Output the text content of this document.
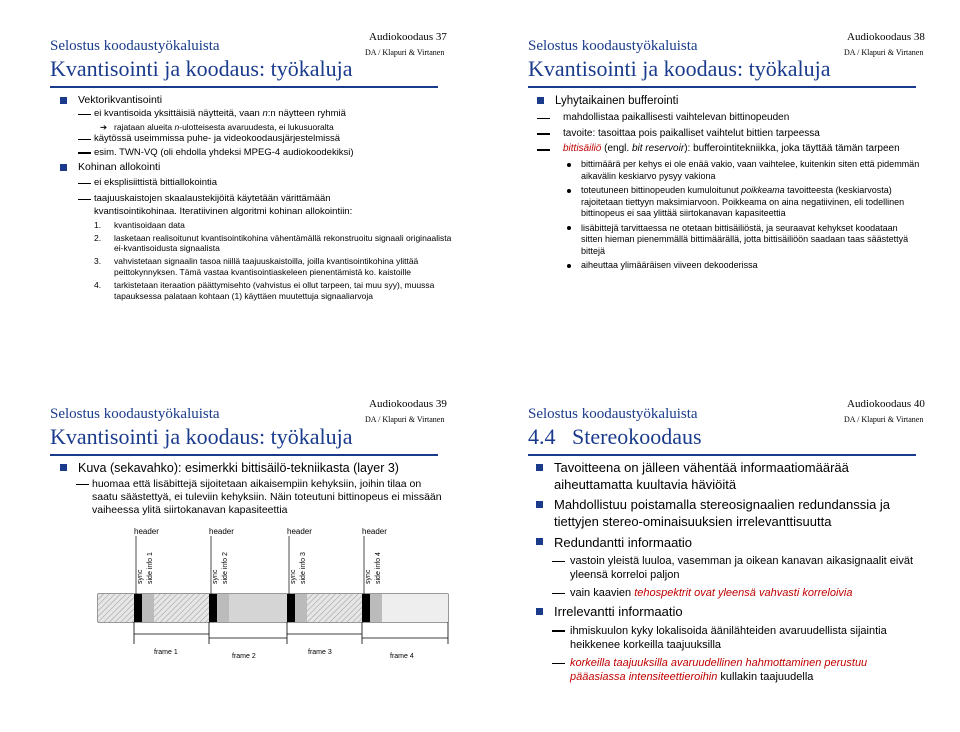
Selostus koodaustyökaluista
Kvantisointi ja koodaus: työkaluja
Audiokoodaus 37
DA / Klapuri & Virtanen
Vektorikvantisointi
ei kvantisoida yksittäisiä näytteitä, vaan n:n näytteen ryhmiä
➔ rajataan alueita n-ulotteisesta avaruudesta, ei lukusuoralta
käytössä useimmissa puhe- ja videokoodausjärjestelmissä
esim. TWN-VQ (oli ehdolla yhdeksi MPEG-4 audiokoodekiksi)
Kohinan allokointi
ei eksplisiittistä bittiallokointia
taajuuskaistojen skaalaustekijöitä käytetään värittämään
kvantisointikohinaa. Iteratiivinen algoritmi kohinan allokointiin:
1. kvantisoidaan data
2. lasketaan realisoitunut kvantisointikohina vähentämällä rekonstruoitu signaali originaalista ei-kvantisoidusta signaalista
3. vahvistetaan signaalin tasoa niillä taajuuskaistoilla, joilla kvantisointikohina ylittää peittokynnyksen. Tämä vastaa kvantisointiaskeleen pienentämistä ko. kaistoille
4. tarkistetaan iteraation päättymisehto (vahvistus ei ollut tarpeen, tai muu syy), muussa tapauksessa palataan kohtaan (1) käyttäen muutettuja signaaliarvoja
Selostus koodaustyökaluista
Kvantisointi ja koodaus: työkaluja
Audiokoodaus 38
DA / Klapuri & Virtanen
Lyhytaikainen bufferointi
mahdollistaa paikallisesti vaihtelevan bittinopeuden
tavoite: tasoittaa pois paikalliset vaihtelut bittien tarpeessa
bittisäiliö (engl. bit reservoir): bufferointitekniikka, joka täyttää tämän tarpeen
bittimäärä per kehys ei ole enää vakio, vaan vaihtelee, kuitenkin siten että pidemmän aikavälin keskiarvo pysyy vakiona
toteutuneen bittinopeuden kumuloitunut poikkeama tavoitteesta (keskiarvosta) rajoitetaan tiettyyn maksimiarvoon. Poikkeama on aina negatiivinen, eli todellinen bittinopeus ei saa ylittää siirtokanavan kapasiteettia
lisäbittejä tarvittaessa ne otetaan bittisäiliöstä, ja seuraavat kehykset koodataan sitten hieman pienemmällä bittimäärällä, jotta bittisäiliöön saadaan taas säästettyä bittejä
aiheuttaa ylimääräisen viiveen dekooderissa
Selostus koodaustyökaluista
Kvantisointi ja koodaus: työkaluja
Audiokoodaus 39
DA / Klapuri & Virtanen
Kuva (sekavahko): esimerkki bittisäilö-tekniikasta (layer 3)
huomaa että lisäbittejä sijoitetaan aikaisempiin kehyksiin, joihin tilaa on saatu säästettyä, ei tuleviin kehyksiin. Näin toteutuni bittinopeus ei missään vaiheessa ylitä siirtokanavan kapasiteettia
header	header	header	header
sync side info 1	sync side info 2	sync side info 3	sync side info 4
frame 1
frame 2
frame 3
frame 4
Selostus koodaustyökaluista
4.4   Stereokoodaus
Audiokoodaus 40
DA / Klapuri & Virtanen
Tavoitteena on jälleen vähentää informaatiomäärää aiheuttamatta kuultavia häviöitä
Mahdollistuu poistamalla stereosignaalien redundanssia ja tiettyjen stereo-ominaisuuksien irrelevanttisuutta
Redundantti informaatio
vastoin yleistä luuloa, vasemman ja oikean kanavan aikasignaalit eivät yleensä korreloi paljon
vain kaavien tehospektrit ovat yleensä vahvasti korreloivia
Irrelevantti informaatio
ihmiskuulon kyky lokalisoida äänilähteiden avaruudellista sijaintia heikkenee korkeilla taajuuksilla
korkeilla taajuuksilla avaruudellinen hahmottaminen perustuu pääasiassa intensiteettieroihin kullakin taajuudella
